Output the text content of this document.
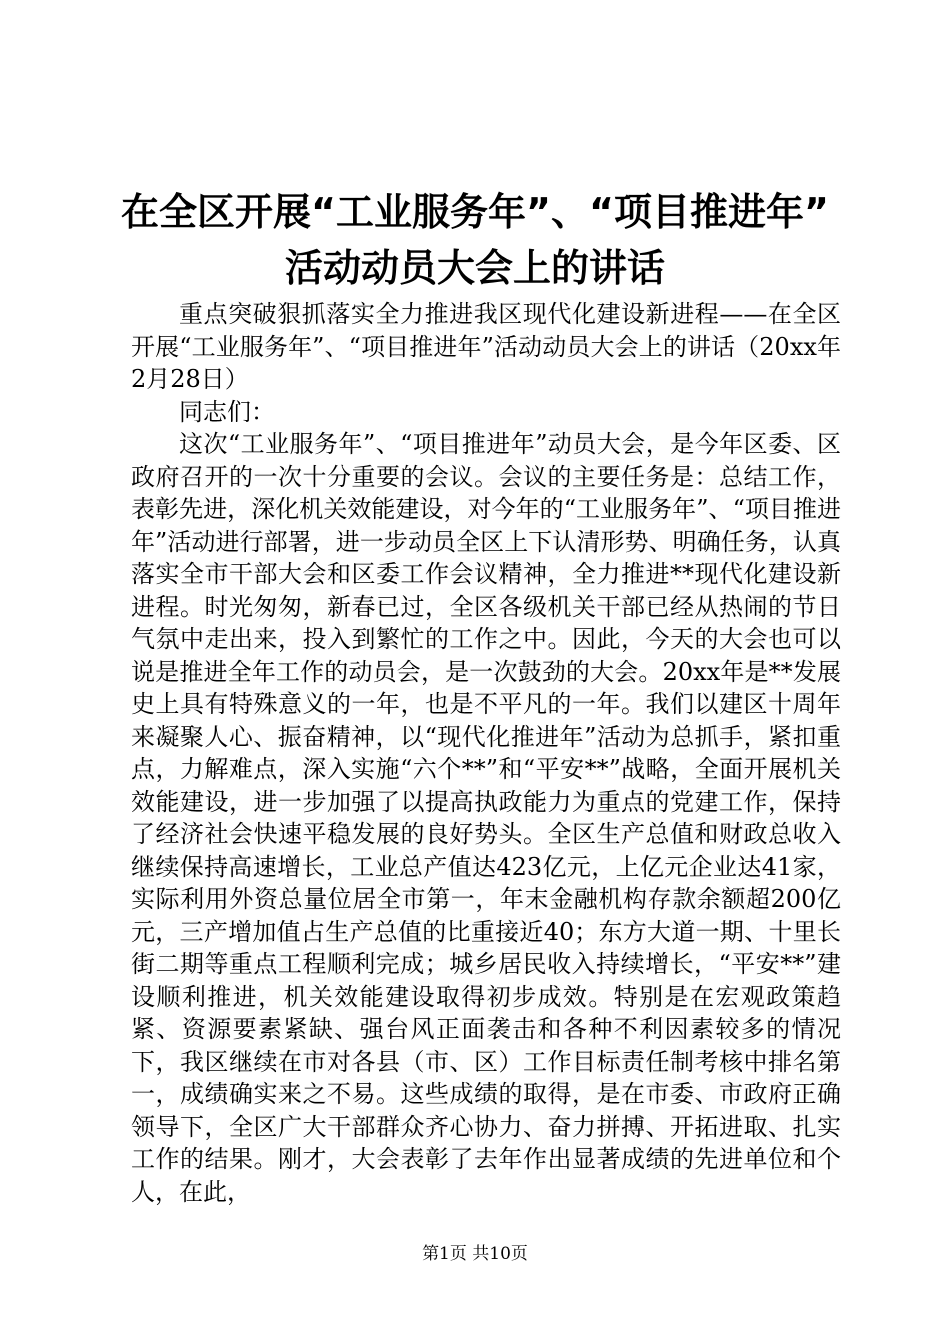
在全区开展“工业服务年”、“项目推进年”
活动动员大会上的讲话

重点突破狠抓落实全力推进我区现代化建设新进程——在全区开展“工业服务年”、“项目推进年”活动动员大会上的讲话（20xx年2月28日）

同志们：

这次“工业服务年”、“项目推进年”动员大会，是今年区委、区政府召开的一次十分重要的会议。会议的主要任务是：总结工作，表彰先进，深化机关效能建设，对今年的“工业服务年”、“项目推进年”活动进行部署，进一步动员全区上下认清形势、明确任务，认真落实全市干部大会和区委工作会议精神，全力推进**现代化建设新进程。时光匆匆，新春已过，全区各级机关干部已经从热闹的节日气氛中走出来，投入到繁忙的工作之中。因此，今天的大会也可以说是推进全年工作的动员会，是一次鼓劲的大会。20xx年是**发展史上具有特殊意义的一年，也是不平凡的一年。我们以建区十周年来凝聚人心、振奋精神，以“现代化推进年”活动为总抓手，紧扣重点，力解难点，深入实施“六个**”和“平安**”战略，全面开展机关效能建设，进一步加强了以提高执政能力为重点的党建工作，保持了经济社会快速平稳发展的良好势头。全区生产总值和财政总收入继续保持高速增长，工业总产值达423亿元，上亿元企业达41家，实际利用外资总量位居全市第一，年末金融机构存款余额超200亿元，三产增加值占生产总值的比重接近40；东方大道一期、十里长街二期等重点工程顺利完成；城乡居民收入持续增长，“平安**”建设顺利推进，机关效能建设取得初步成效。特别是在宏观政策趋紧、资源要素紧缺、强台风正面袭击和各种不利因素较多的情况下，我区继续在市对各县（市、区）工作目标责任制考核中排名第一，成绩确实来之不易。这些成绩的取得，是在市委、市政府正确领导下，全区广大干部群众齐心协力、奋力拼搏、开拓进取、扎实工作的结果。刚才，大会表彰了去年作出显著成绩的先进单位和个人，在此，

第1页 共10页
